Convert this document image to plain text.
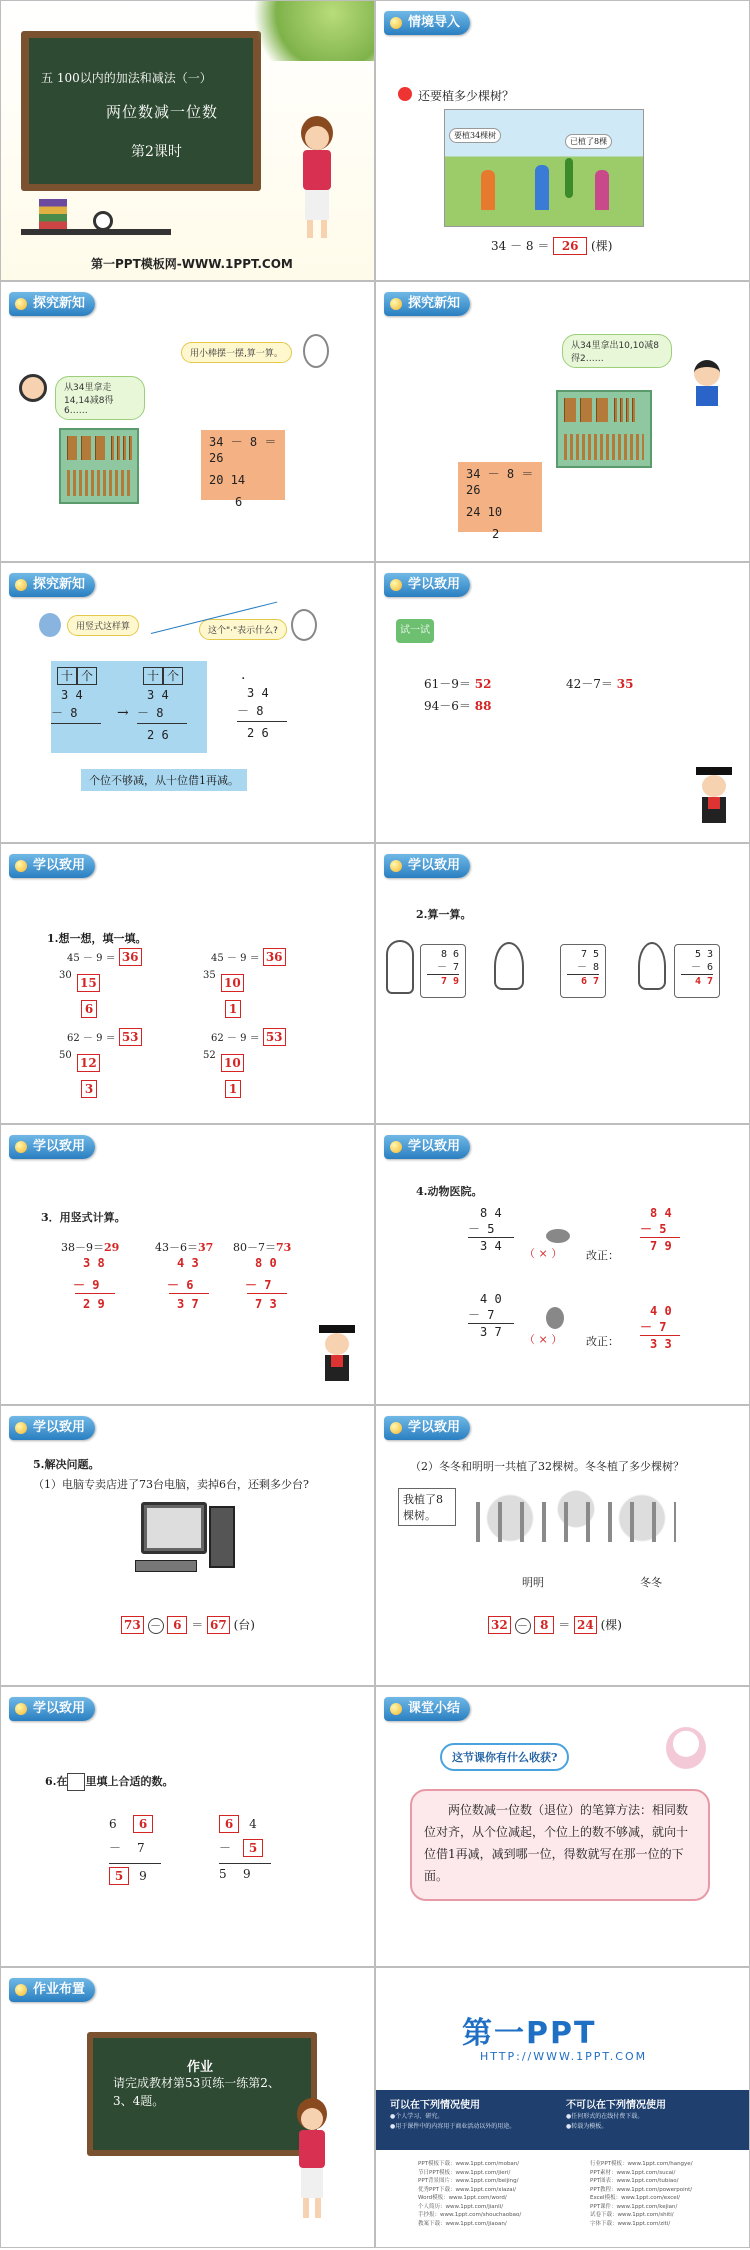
五 100以内的加法和减法（一）
两位数减一位数
第2课时
第一PPT模板网-WWW.1PPT.COM
情境导入
还要植多少棵树？
要植34棵树
已植了8棵
34 － 8 ＝ 26 (棵)
探究新知
从34里拿走14,14减8得6……
用小棒摆一摆,算一算。
34 － 8 ＝ 26
20 14
6
探究新知
从34里拿出10,10减8得2……
34 － 8 ＝ 26
24 10
2
探究新知
用竖式这样算	这个"·"表示什么?
十 个
3 4
－ 8	→
十 个
3 4
－ 8
2 6
.
3 4
－ 8
2 6
个位不够减，从十位借1再减。
学以致用
试一试
61－9＝ 52	42－7＝ 35
94－6＝ 88
学以致用
1.想一想，填一填。
45 － 9 ＝ 36
30
15
6
45 － 9 ＝ 36
35
10
1
62 － 9 ＝ 53
50
12
3
62 － 9 ＝ 53
52
10
1
学以致用
2.算一算。
8 6
－ 7
7 9
7 5
－ 8
6 7
5 3
－ 6
4 7
学以致用
3．用竖式计算。
38－9＝29
3 8
－ 9
2 9
43－6＝37
4 3
－ 6
3 7
80－7＝73
8 0
－ 7
7 3
学以致用
4.动物医院。
8 4
－ 5
3 4
（ × ） 改正：
8 4
－ 5
7 9
4 0
－ 7
3 7
（ × ） 改正：
4 0
－ 7
3 3
学以致用
5.解决问题。
（1）电脑专卖店进了73台电脑，卖掉6台，还剩多少台?
73 － 6 ＝ 67 (台)
学以致用
（2）冬冬和明明一共植了32棵树。冬冬植了多少棵树？
我植了8棵树。
明明	冬冬
32 － 8 ＝ 24 (棵)
学以致用
6.在 里填上合适的数。
6 6
－ 7
5 9
6 4
－ 5
5 9
课堂小结
这节课你有什么收获?
两位数减一位数（退位）的笔算方法：相同数位对齐，从个位减起，个位上的数不够减，就向十位借1再减，减到哪一位，得数就写在那一位的下面。
作业布置
作业
请完成教材第53页练一练第2、3、4题。
第一PPT
HTTP://WWW.1PPT.COM
可以在下列情况使用
●个人学习、研究。
●用于课件中的内容用于商业活动以外的用途。
不可以在下列情况使用
●任何形式的在线付费下载。
●转载为模板。
PPT模板下载：www.1ppt.com/moban/
节日PPT模板：www.1ppt.com/jieri/
PPT背景图片：www.1ppt.com/beijing/
优秀PPT下载：www.1ppt.com/xiazai/
Word模板：www.1ppt.com/word/
个人简历：www.1ppt.com/jianli/
手抄报：www.1ppt.com/shouchaobao/
教案下载：www.1ppt.com/jiaoan/
行业PPT模板：www.1ppt.com/hangye/
PPT素材：www.1ppt.com/sucai/
PPT图表：www.1ppt.com/tubiao/
PPT教程：www.1ppt.com/powerpoint/
Excel模板：www.1ppt.com/excel/
PPT课件：www.1ppt.com/kejian/
试卷下载：www.1ppt.com/shiti/
字体下载：www.1ppt.com/ziti/
